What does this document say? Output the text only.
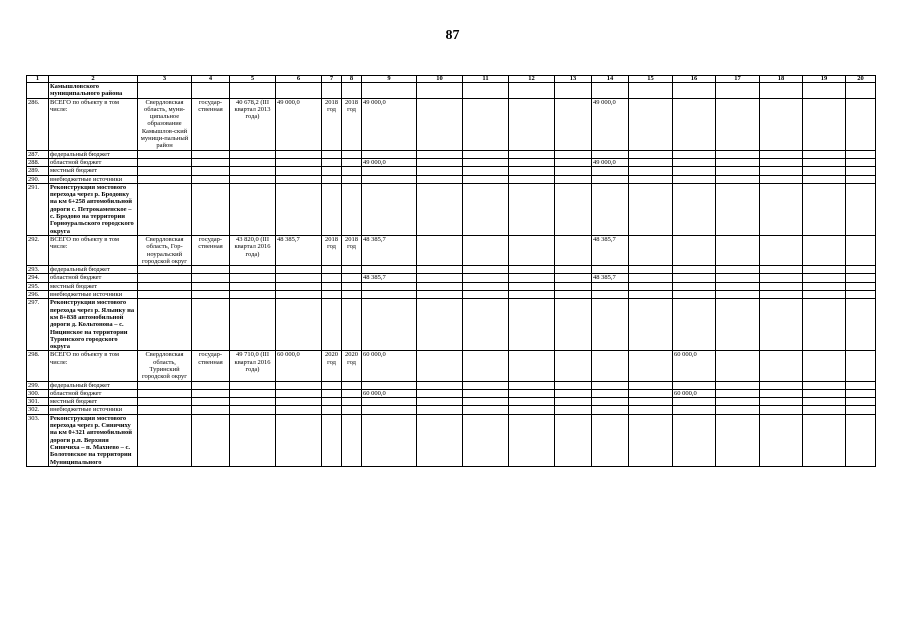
87
1	2	3	4	5	6	7	8	9	10	11	12	13	14	15	16	17	18	19	20
	Камышловского муниципального района																		
286.	ВСЕГО по объекту в том числе:	Свердловская область, муни-ципальное образование Камышлов-ский муници-пальный район	государ-ственная	40 678,2 (III квартал 2013 года)	49 000,0	2018 год	2018 год	49 000,0					49 000,0						
287.	федеральный бюджет																		
288.	областной бюджет							49 000,0					49 000,0						
289.	местный бюджет																		
290.	внебюджетные источники																		
291.	Реконструкция мостового перехода через р. Бродовку на км 6+258 автомобильной дороги с. Петрокаменское – с. Бродово на территории Горноуральского городского округа																		
292.	ВСЕГО по объекту в том числе:	Свердловская область, Гор-ноуральский городской округ	государ-ственная	43 820,0 (III квартал 2016 года)	48 385,7	2018 год	2018 год	48 385,7					48 385,7						
293.	федеральный бюджет																		
294.	областной бюджет							48 385,7					48 385,7						
295.	местный бюджет																		
296.	внебюджетные источники																		
297.	Реконструкция мостового перехода через р. Ялынку на км 8+838 автомобильной дороги д. Кольтонова – с. Ницинское на территории Туринского городского округа																		
298.	ВСЕГО по объекту в том числе:	Свердловская область, Туринский городской округ	государ-ственная	49 710,0 (III квартал 2016 года)	60 000,0	2020 год	2020 год	60 000,0							60 000,0				
299.	федеральный бюджет																		
300.	областной бюджет							60 000,0							60 000,0				
301.	местный бюджет																		
302.	внебюджетные источники																		
303.	Реконструкция мостового перехода через р. Синячиху на км 0+321 автомобильной дороги р.п. Верхняя Синячиха – п. Махнево – с. Болотовское на территории Муниципального																		
